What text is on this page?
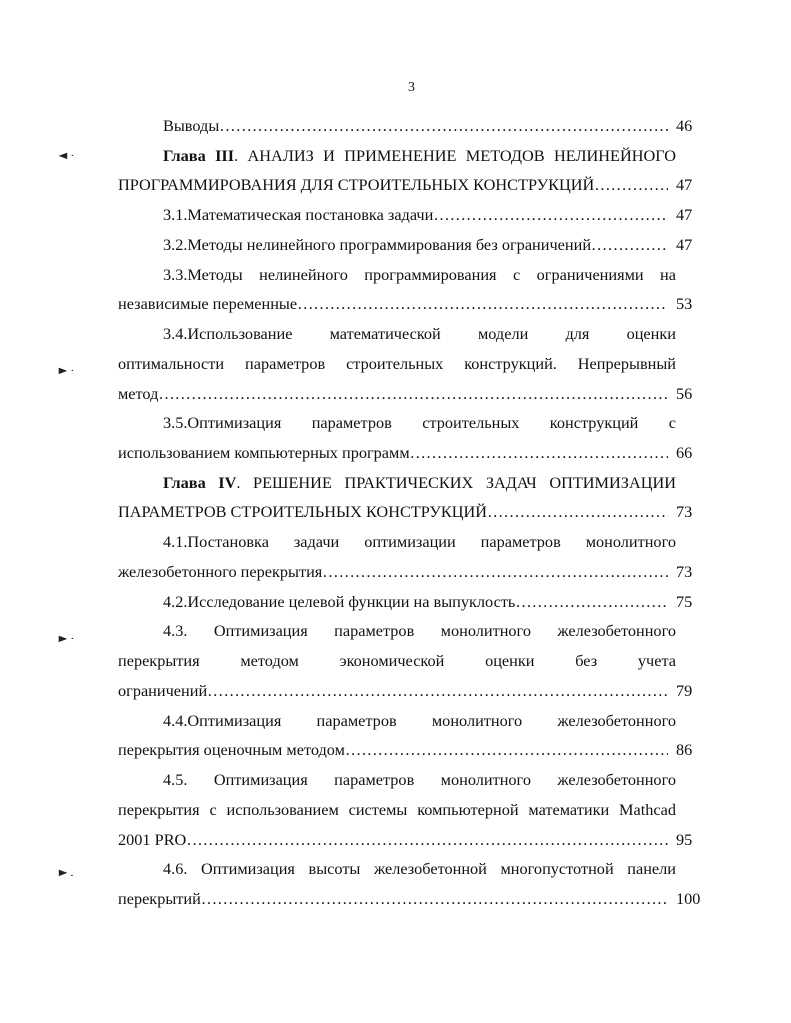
3
Выводы ………………………………………………………………………………………………………………………………	46
Глава III. АНАЛИЗ И ПРИМЕНЕНИЕ МЕТОДОВ НЕЛИНЕЙНОГО
ПРОГРАММИРОВАНИЯ ДЛЯ СТРОИТЕЛЬНЫХ КОНСТРУКЦИЙ ………………………………………………………………………………………………………………………………	47
3.1.Математическая постановка задачи ………………………………………………………………………………………………………………………………	47
3.2.Методы нелинейного программирования без ограничений ………………………………………………………………………………………………………………………………	47
3.3.Методы нелинейного программирования с ограничениями на
независимые переменные ………………………………………………………………………………………………………………………………	53
3.4.Использование математической модели для оценки
оптимальности параметров строительных конструкций. Непрерывный
метод ………………………………………………………………………………………………………………………………	56
3.5.Оптимизация параметров строительных конструкций с
использованием компьютерных программ ………………………………………………………………………………………………………………………………	66
Глава IV. РЕШЕНИЕ ПРАКТИЧЕСКИХ ЗАДАЧ ОПТИМИЗАЦИИ
ПАРАМЕТРОВ СТРОИТЕЛЬНЫХ КОНСТРУКЦИЙ ………………………………………………………………………………………………………………………………	73
4.1.Постановка задачи оптимизации параметров монолитного
железобетонного перекрытия ………………………………………………………………………………………………………………………………	73
4.2.Исследование целевой функции на выпуклость ………………………………………………………………………………………………………………………………	75
4.3. Оптимизация параметров монолитного железобетонного
перекрытия методом экономической оценки без учета
ограничений ………………………………………………………………………………………………………………………………	79
4.4.Оптимизация параметров монолитного железобетонного
перекрытия оценочным методом ………………………………………………………………………………………………………………………………	86
4.5. Оптимизация параметров монолитного железобетонного
перекрытия с использованием системы компьютерной математики Mathcad
2001 PRO ………………………………………………………………………………………………………………………………	95
4.6. Оптимизация высоты железобетонной многопустотной панели
перекрытий ………………………………………………………………………………………………………………………………	100
◄·
►·
►·
►.
